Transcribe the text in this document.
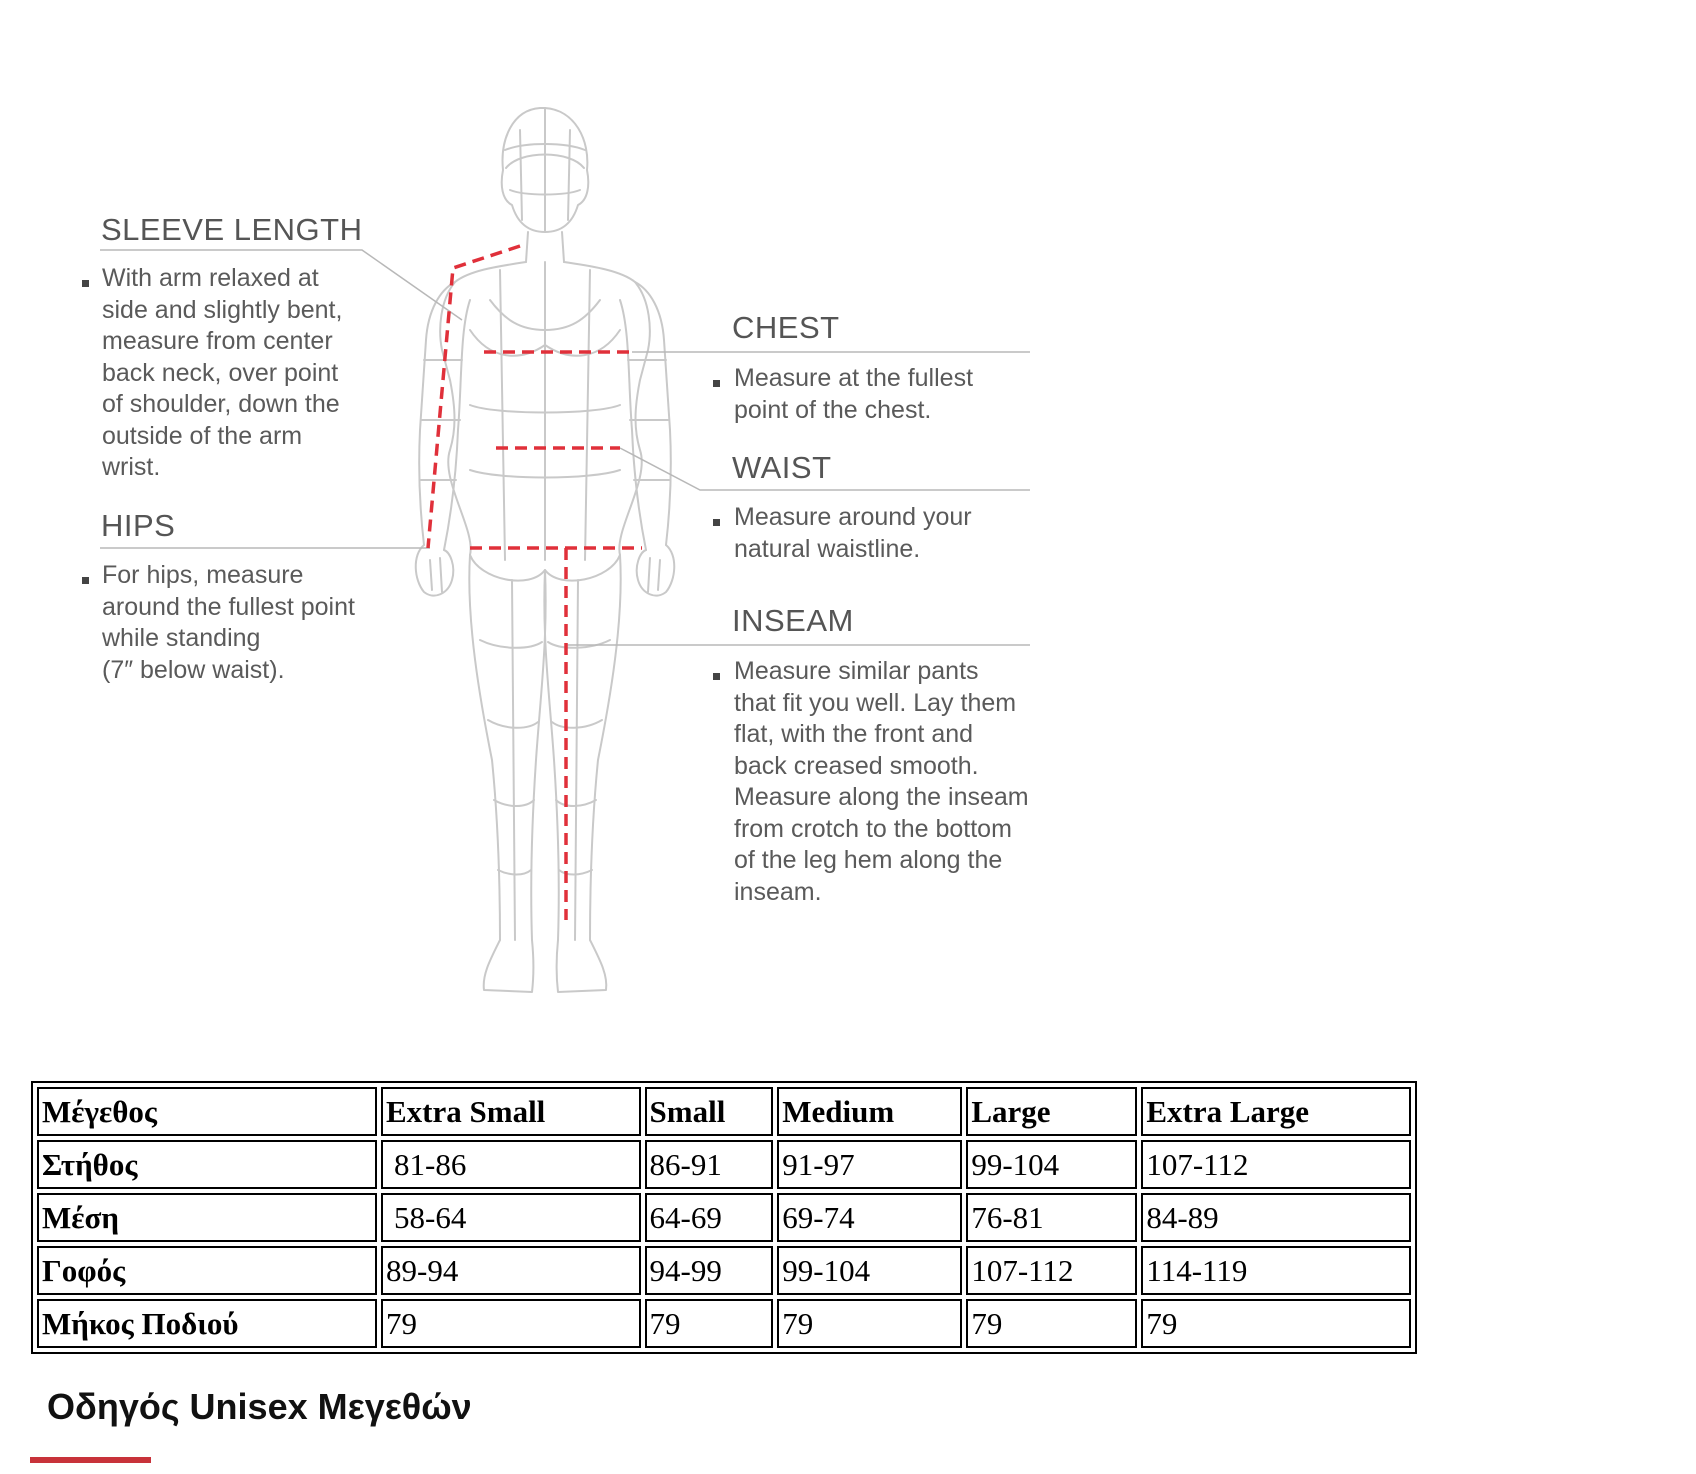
SLEEVE LENGTH
With arm relaxed at
side and slightly bent,
measure from center
back neck, over point
of shoulder, down the
outside of the arm
wrist.
HIPS
For hips, measure
around the fullest point
while standing
(7″ below waist).
CHEST
Measure at the fullest
point of the chest.
WAIST
Measure around your
natural waistline.
INSEAM
Measure similar pants
that fit you well. Lay them
flat, with the front and
back creased smooth.
Measure along the inseam
from crotch to the bottom
of the leg hem along the
inseam.
Μέγεθος	Extra Small	Small	Medium	Large	Extra Large
Στήθος	81-86	86-91	91-97	99-104	107-112
Μέση	58-64	64-69	69-74	76-81	84-89
Γοφός	89-94	94-99	99-104	107-112	114-119
Μήκος Ποδιού	79	79	79	79	79
Οδηγός Unisex Μεγεθών
